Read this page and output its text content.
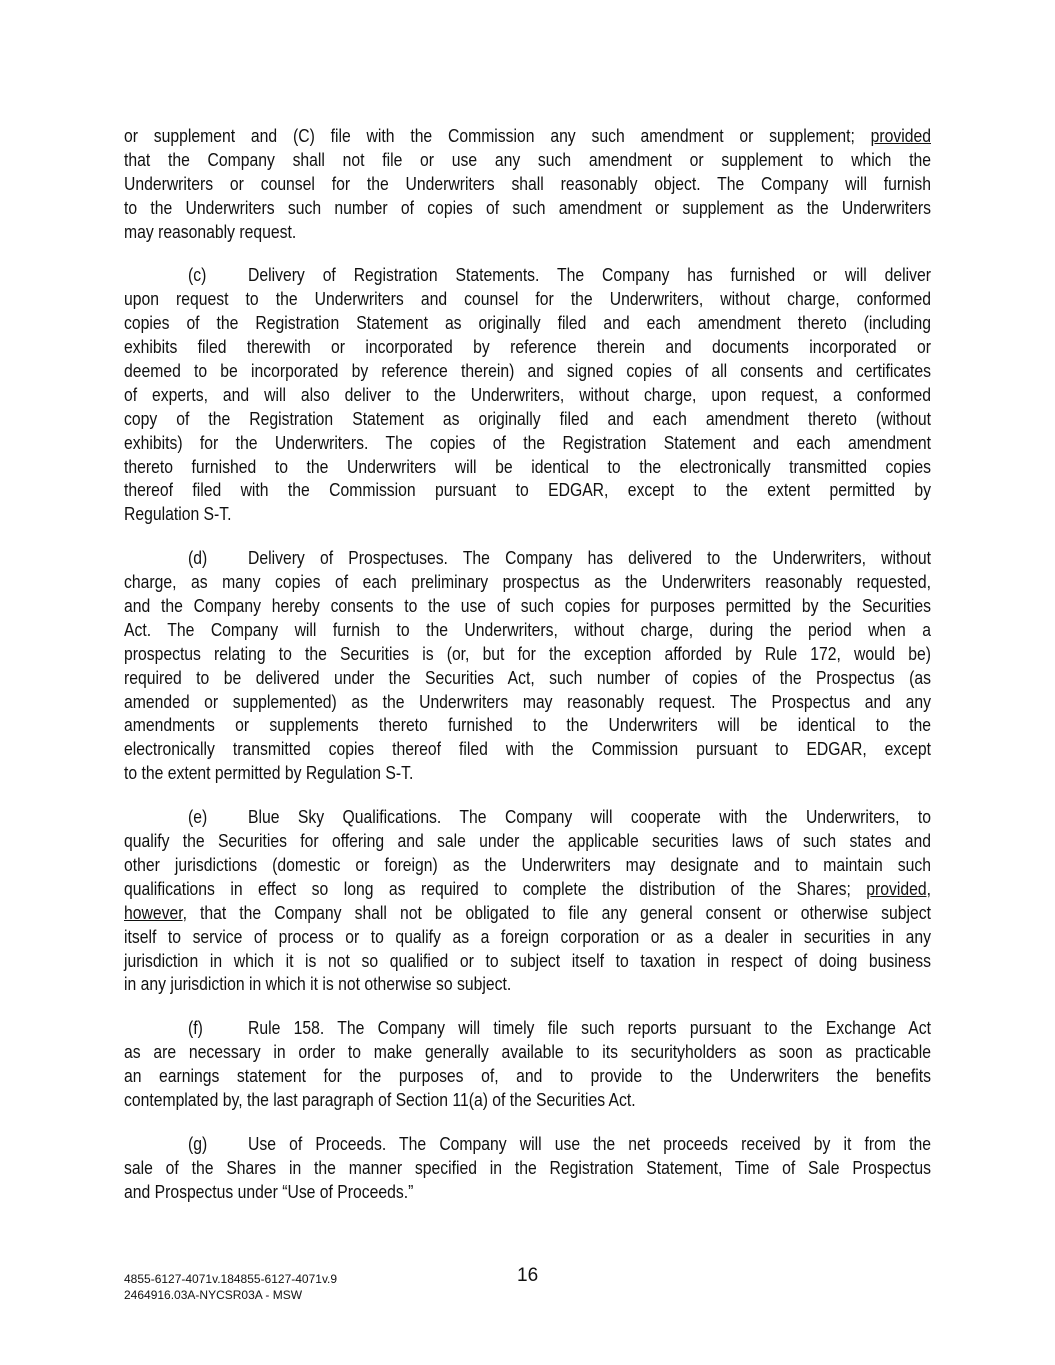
or supplement and (C) file with the Commission any such amendment or supplement; provided
that the Company shall not file or use any such amendment or supplement to which the
Underwriters or counsel for the Underwriters shall reasonably object. The Company will furnish
to the Underwriters such number of copies of such amendment or supplement as the Underwriters
may reasonably request.
(c) Delivery of Registration Statements. The Company has furnished or will deliver
upon request to the Underwriters and counsel for the Underwriters, without charge, conformed
copies of the Registration Statement as originally filed and each amendment thereto (including
exhibits filed therewith or incorporated by reference therein and documents incorporated or
deemed to be incorporated by reference therein) and signed copies of all consents and certificates
of experts, and will also deliver to the Underwriters, without charge, upon request, a conformed
copy of the Registration Statement as originally filed and each amendment thereto (without
exhibits) for the Underwriters. The copies of the Registration Statement and each amendment
thereto furnished to the Underwriters will be identical to the electronically transmitted copies
thereof filed with the Commission pursuant to EDGAR, except to the extent permitted by
Regulation S-T.
(d) Delivery of Prospectuses. The Company has delivered to the Underwriters, without
charge, as many copies of each preliminary prospectus as the Underwriters reasonably requested,
and the Company hereby consents to the use of such copies for purposes permitted by the Securities
Act. The Company will furnish to the Underwriters, without charge, during the period when a
prospectus relating to the Securities is (or, but for the exception afforded by Rule 172, would be)
required to be delivered under the Securities Act, such number of copies of the Prospectus (as
amended or supplemented) as the Underwriters may reasonably request. The Prospectus and any
amendments or supplements thereto furnished to the Underwriters will be identical to the
electronically transmitted copies thereof filed with the Commission pursuant to EDGAR, except
to the extent permitted by Regulation S-T.
(e) Blue Sky Qualifications. The Company will cooperate with the Underwriters, to
qualify the Securities for offering and sale under the applicable securities laws of such states and
other jurisdictions (domestic or foreign) as the Underwriters may designate and to maintain such
qualifications in effect so long as required to complete the distribution of the Shares; provided,
however, that the Company shall not be obligated to file any general consent or otherwise subject
itself to service of process or to qualify as a foreign corporation or as a dealer in securities in any
jurisdiction in which it is not so qualified or to subject itself to taxation in respect of doing business
in any jurisdiction in which it is not otherwise so subject.
(f) Rule 158. The Company will timely file such reports pursuant to the Exchange Act
as are necessary in order to make generally available to its securityholders as soon as practicable
an earnings statement for the purposes of, and to provide to the Underwriters the benefits
contemplated by, the last paragraph of Section 11(a) of the Securities Act.
(g) Use of Proceeds. The Company will use the net proceeds received by it from the
sale of the Shares in the manner specified in the Registration Statement, Time of Sale Prospectus
and Prospectus under “Use of Proceeds.”
4855-6127-4071v.184855-6127-4071v.9
2464916.03A-NYCSR03A - MSW
16
